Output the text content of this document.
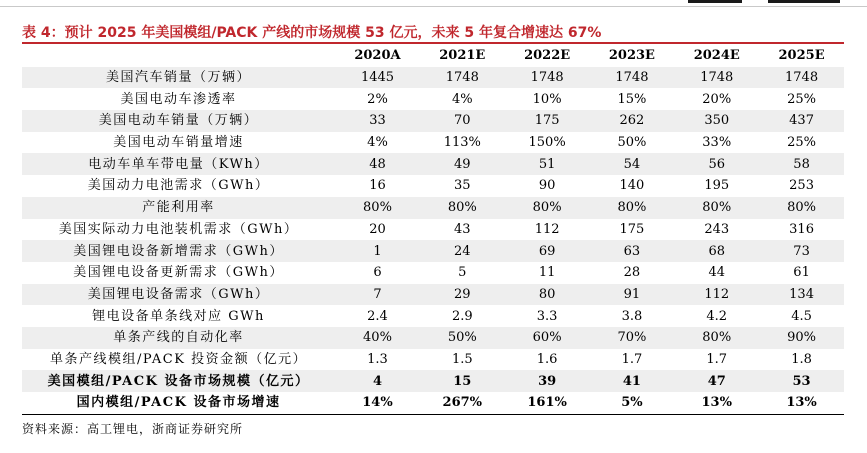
表 4：预计 2025 年美国模组/PACK 产线的市场规模 53 亿元，未来 5 年复合增速达 67%
	2020A	2021E	2022E	2023E	2024E	2025E
美国汽车销量（万辆）	1445	1748	1748	1748	1748	1748
美国电动车渗透率	2%	4%	10%	15%	20%	25%
美国电动车销量（万辆）	33	70	175	262	350	437
美国电动车销量增速	4%	113%	150%	50%	33%	25%
电动车单车带电量（KWh）	48	49	51	54	56	58
美国动力电池需求（GWh）	16	35	90	140	195	253
产能利用率	80%	80%	80%	80%	80%	80%
美国实际动力电池装机需求（GWh）	20	43	112	175	243	316
美国锂电设备新增需求（GWh）	1	24	69	63	68	73
美国锂电设备更新需求（GWh）	6	5	11	28	44	61
美国锂电设备需求（GWh）	7	29	80	91	112	134
锂电设备单条线对应 GWh	2.4	2.9	3.3	3.8	4.2	4.5
单条产线的自动化率	40%	50%	60%	70%	80%	90%
单条产线模组/PACK 投资金额（亿元）	1.3	1.5	1.6	1.7	1.7	1.8
美国模组/PACK 设备市场规模（亿元）	4	15	39	41	47	53
国内模组/PACK 设备市场增速	14%	267%	161%	5%	13%	13%
资料来源：高工锂电，浙商证券研究所
